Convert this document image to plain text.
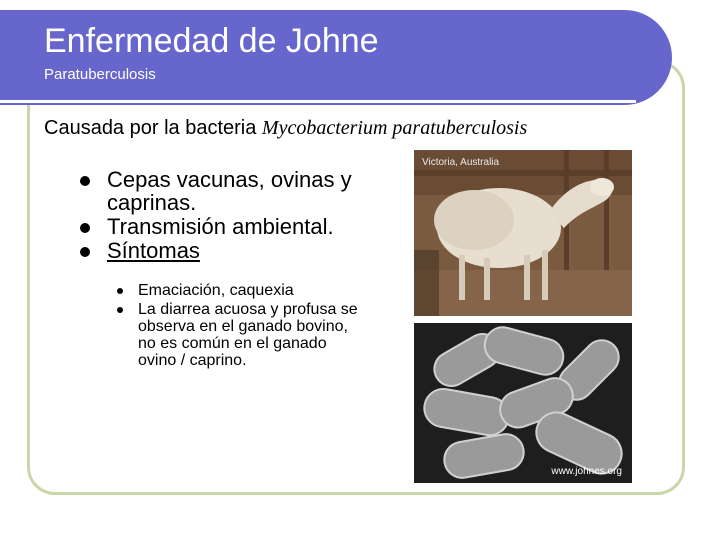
Enfermedad de Johne
Paratuberculosis
Causada por la bacteria Mycobacterium paratuberculosis
Cepas vacunas, ovinas y caprinas.
Transmisión ambiental.
Síntomas
Emaciación, caquexia
La diarrea acuosa y profusa se observa en el ganado bovino, no es común en el ganado ovino / caprino.
Victoria, Australia
www.johnes.org
